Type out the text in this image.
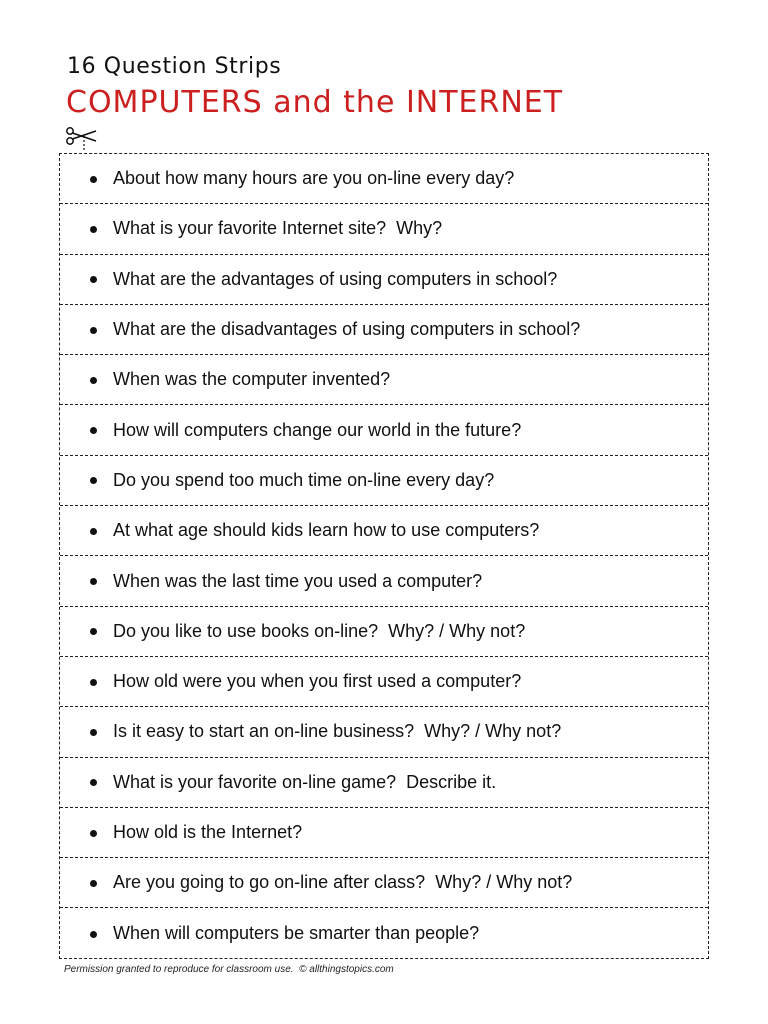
16 Question Strips
COMPUTERS and the INTERNET
About how many hours are you on-line every day?
What is your favorite Internet site?  Why?
What are the advantages of using computers in school?
What are the disadvantages of using computers in school?
When was the computer invented?
How will computers change our world in the future?
Do you spend too much time on-line every day?
At what age should kids learn how to use computers?
When was the last time you used a computer?
Do you like to use books on-line?  Why? / Why not?
How old were you when you first used a computer?
Is it easy to start an on-line business?  Why? / Why not?
What is your favorite on-line game?  Describe it.
How old is the Internet?
Are you going to go on-line after class?  Why? / Why not?
When will computers be smarter than people?

Permission granted to reproduce for classroom use.  © allthingstopics.com
